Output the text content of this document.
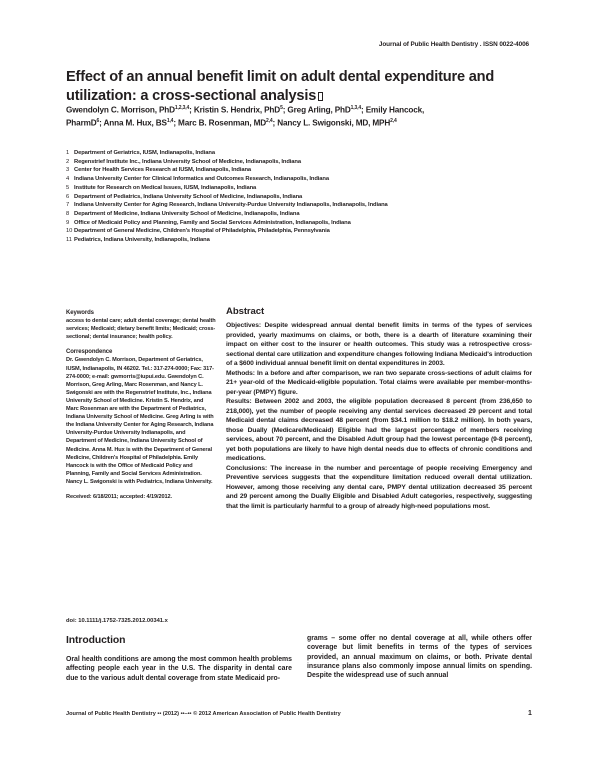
Journal of Public Health Dentistry . ISSN 0022-4006
Effect of an annual benefit limit on adult dental expenditure and utilization: a cross-sectional analysis
Gwendolyn C. Morrison, PhD$^{1,2,3,4}$; Kristin S. Hendrix, PhD$^5$; Greg Arling, PhD$^{1,3,4}$; Emily Hancock, PharmD$^6$; Anna M. Hux, BS$^{1,4}$; Marc B. Rosenman, MD$^{2,4}$; Nancy L. Swigonski, MD, MPH$^{2,4}$
1 Department of Geriatrics, IUSM, Indianapolis, Indiana
2 Regenstrief Institute Inc., Indiana University School of Medicine, Indianapolis, Indiana
3 Center for Health Services Research at IUSM, Indianapolis, Indiana
4 Indiana University Center for Clinical Informatics and Outcomes Research, Indianapolis, Indiana
5 Institute for Research on Medical Issues, IUSM, Indianapolis, Indiana
6 Department of Pediatrics, Indiana University School of Medicine, Indianapolis, Indiana
7 Indiana University Center for Aging Research, Indiana University-Purdue University Indianapolis, Indianapolis, Indiana
8 Department of Medicine, Indiana University School of Medicine, Indianapolis, Indiana
9 Office of Medicaid Policy and Planning, Family and Social Services Administration, Indianapolis, Indiana
10 Department of General Medicine, Children's Hospital of Philadelphia, Philadelphia, Pennsylvania
11 Pediatrics, Indiana University, Indianapolis, Indiana
Keywords
access to dental care; adult dental coverage; dental health services; Medicaid; dietary benefit limits; Medicaid; cross-sectional; dental insurance; health policy.
Correspondence
Dr. Gwendolyn C. Morrison, Department of Geriatrics, IUSM, Indianapolis, IN 46202. Tel.: 317-274-0000; Fax: 317-274-0000; e-mail: gwmorris@iupui.edu. Gwendolyn C. Morrison, Greg Arling, Marc Rosenman, and Nancy L. Swigonski are with the Regenstrief Institute, Inc., Indiana University School of Medicine. Kristin S. Hendrix, and Marc Rosenman are with the Department of Pediatrics, Indiana University School of Medicine. Greg Arling is with the Indiana University Center for Aging Research, Indiana University-Purdue University Indianapolis, and Department of Medicine, Indiana University School of Medicine. Anna M. Hux is with the Department of General Medicine, Children's Hospital of Philadelphia. Emily Hancock is with the Office of Medicaid Policy and Planning, Family and Social Services Administration. Nancy L. Swigonski is with Pediatrics, Indiana University.
Received: 6/18/2011; accepted: 4/19/2012.
Abstract

Objectives: Despite widespread annual dental benefit limits in terms of the types of services provided, yearly maximums on claims, or both, there is a dearth of literature examining their impact on either cost to the insurer or health outcomes. This study was a retrospective cross-sectional dental care utilization and expenditure changes following Indiana Medicaid's introduction of a $600 individual annual benefit limit on dental expenditures in 2003.

Methods: In a before and after comparison, we ran two separate cross-sections of adult claims for 21+ year-old of the Medicaid-eligible population. Total claims were available per member-months-per-year (PMPY) figure.

Results: Between 2002 and 2003, the eligible population decreased 8 percent (from 236,650 to 218,000), yet the number of people receiving any dental services decreased 29 percent and total Medicaid dental claims decreased 48 percent (from $34.1 million to $18.2 million). In both years, those Dually (Medicare/Medicaid) Eligible had the largest percentage of members receiving services, about 70 percent, and the Disabled Adult group had the lowest percentage (9-8 percent), yet both populations are likely to have high dental needs due to effects of chronic conditions and medications.

Conclusions: The increase in the number and percentage of people receiving Emergency and Preventive services suggests that the expenditure limitation reduced overall dental utilization. However, among those receiving any dental care, PMPY dental utilization decreased 35 percent and 29 percent among the Dually Eligible and Disabled Adult categories, respectively, suggesting that the limit is particularly harmful to a group of already high-need populations most.

doi: 10.1111/j.1752-7325.2012.00341.x
Introduction
Oral health conditions are among the most common health problems affecting people each year in the U.S. The disparity in dental care due to the various adult dental coverage from state Medicaid pro-
grams – some offer no dental coverage at all, while others offer coverage but limit benefits in terms of the types of services provided, an annual maximum on claims, or both. Private dental insurance plans also commonly impose annual limits on spending. Despite the widespread use of such annual
Journal of Public Health Dentistry •• (2012) ••–•• © 2012 American Association of Public Health Dentistry	1
